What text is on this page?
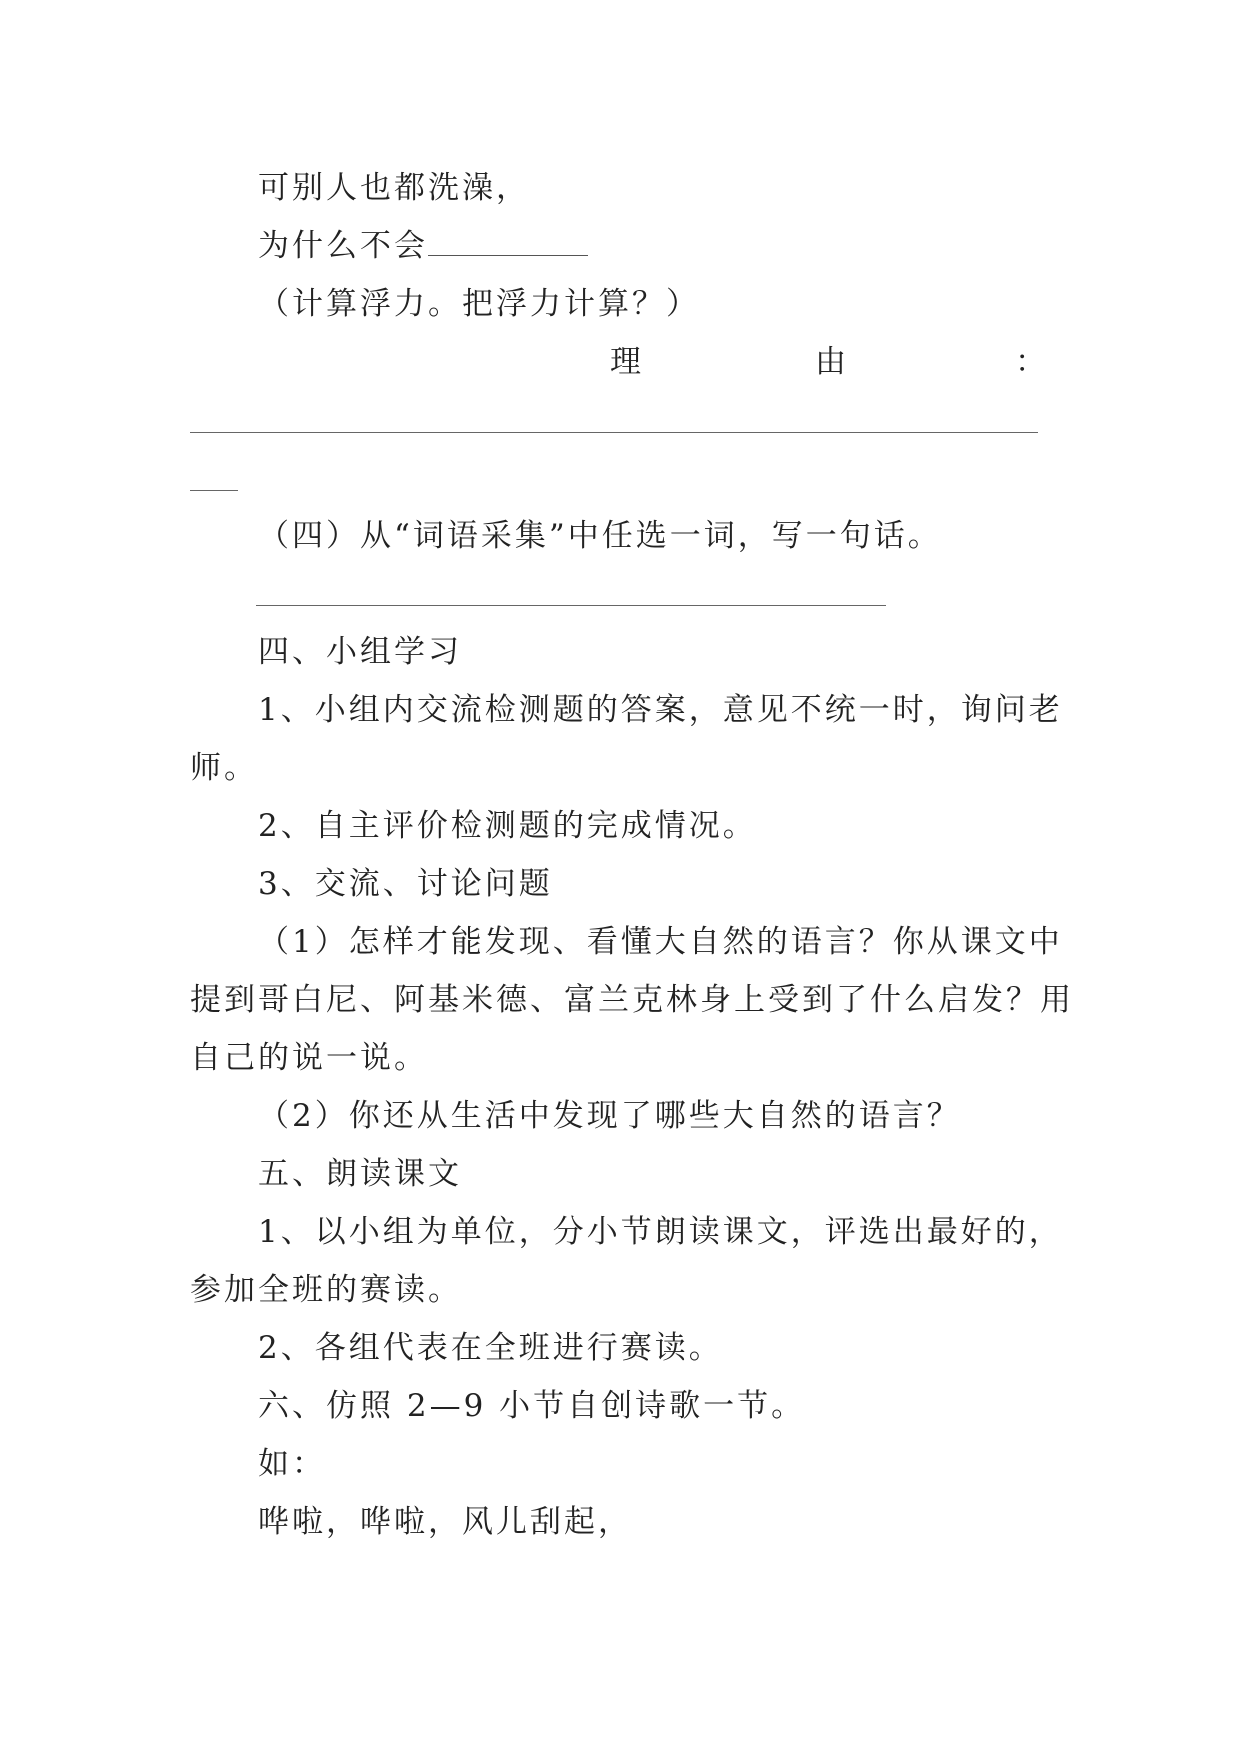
可别人也都洗澡，
为什么不会
（计算浮力。把浮力计算？）
理	由	：
（四）从“词语采集”中任选一词，写一句话。
四、小组学习
1、小组内交流检测题的答案，意见不统一时，询问老
师。
2、自主评价检测题的完成情况。
3、交流、讨论问题
（1）怎样才能发现、看懂大自然的语言？你从课文中
提到哥白尼、阿基米德、富兰克林身上受到了什么启发？用
自己的说一说。
（2）你还从生活中发现了哪些大自然的语言？
五、朗读课文
1、以小组为单位，分小节朗读课文，评选出最好的，
参加全班的赛读。
2、各组代表在全班进行赛读。
六、仿照 2—9 小节自创诗歌一节。
如：
哗啦，哗啦，风儿刮起，
